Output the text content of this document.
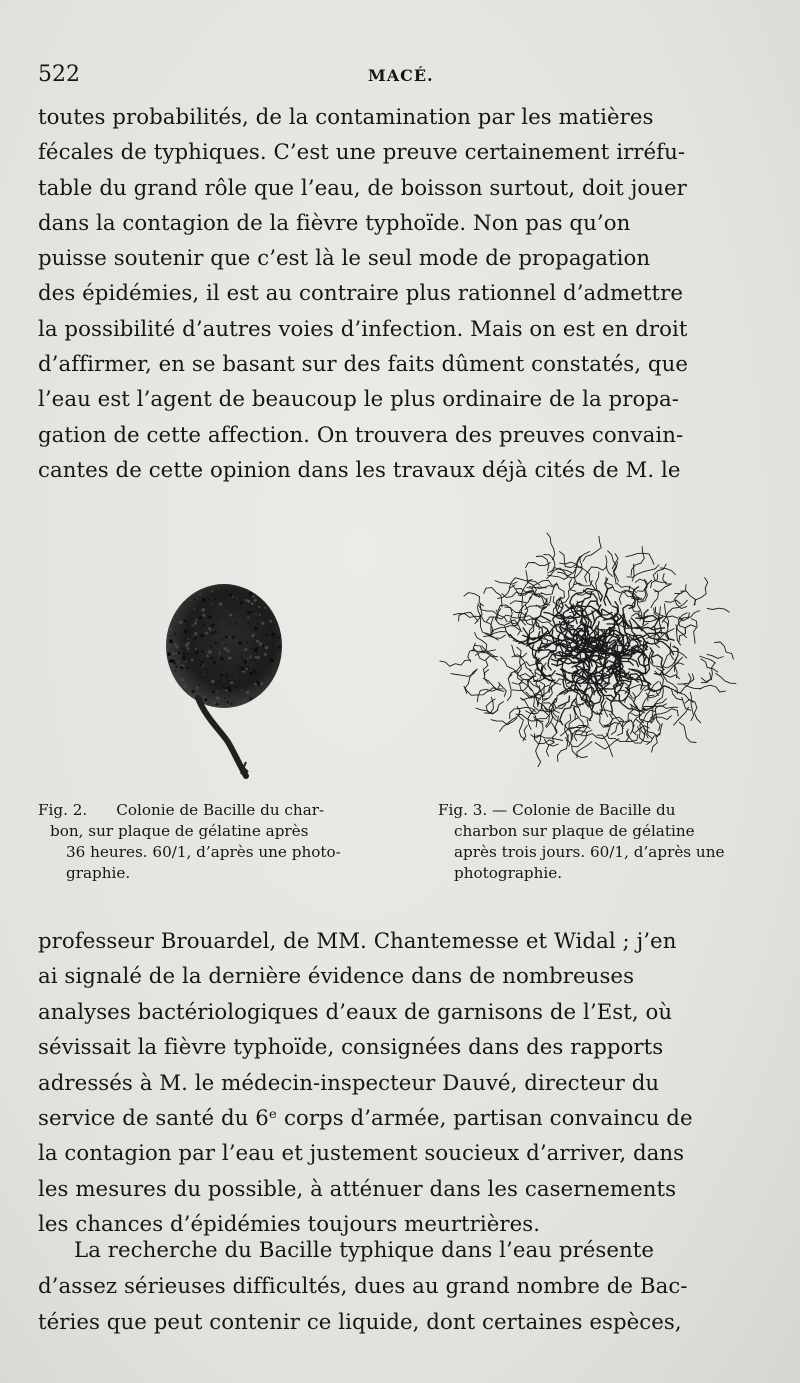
522	MACÉ.

toutes probabilités, de la contamination par les matières
fécales de typhiques. C’est une preuve certainement irréfu-
table du grand rôle que l’eau, de boisson surtout, doit jouer
dans la contagion de la fièvre typhoïde. Non pas qu’on
puisse soutenir que c’est là le seul mode de propagation
des épidémies, il est au contraire plus rationnel d’admettre
la possibilité d’autres voies d’infection. Mais on est en droit
d’affirmer, en se basant sur des faits dûment constatés, que
l’eau est l’agent de beaucoup le plus ordinaire de la propa-
gation de cette affection. On trouvera des preuves convain-
cantes de cette opinion dans les travaux déjà cités de M. le

Fig. 2. Colonie de Bacille du char-
bon, sur plaque de gélatine après
36 heures. 60/1, d’après une photo-
graphie.

Fig. 3. — Colonie de Bacille du
charbon sur plaque de gélatine
après trois jours. 60/1, d’après une
photographie.

professeur Brouardel, de MM. Chantemesse et Widal ; j’en
ai signalé de la dernière évidence dans de nombreuses
analyses bactériologiques d’eaux de garnisons de l’Est, où
sévissait la fièvre typhoïde, consignées dans des rapports
adressés à M. le médecin-inspecteur Dauvé, directeur du
service de santé du 6ᵉ corps d’armée, partisan convaincu de
la contagion par l’eau et justement soucieux d’arriver, dans
les mesures du possible, à atténuer dans les casernements
les chances d’épidémies toujours meurtrières.

La recherche du Bacille typhique dans l’eau présente
d’assez sérieuses difficultés, dues au grand nombre de Bac-
téries que peut contenir ce liquide, dont certaines espèces,
